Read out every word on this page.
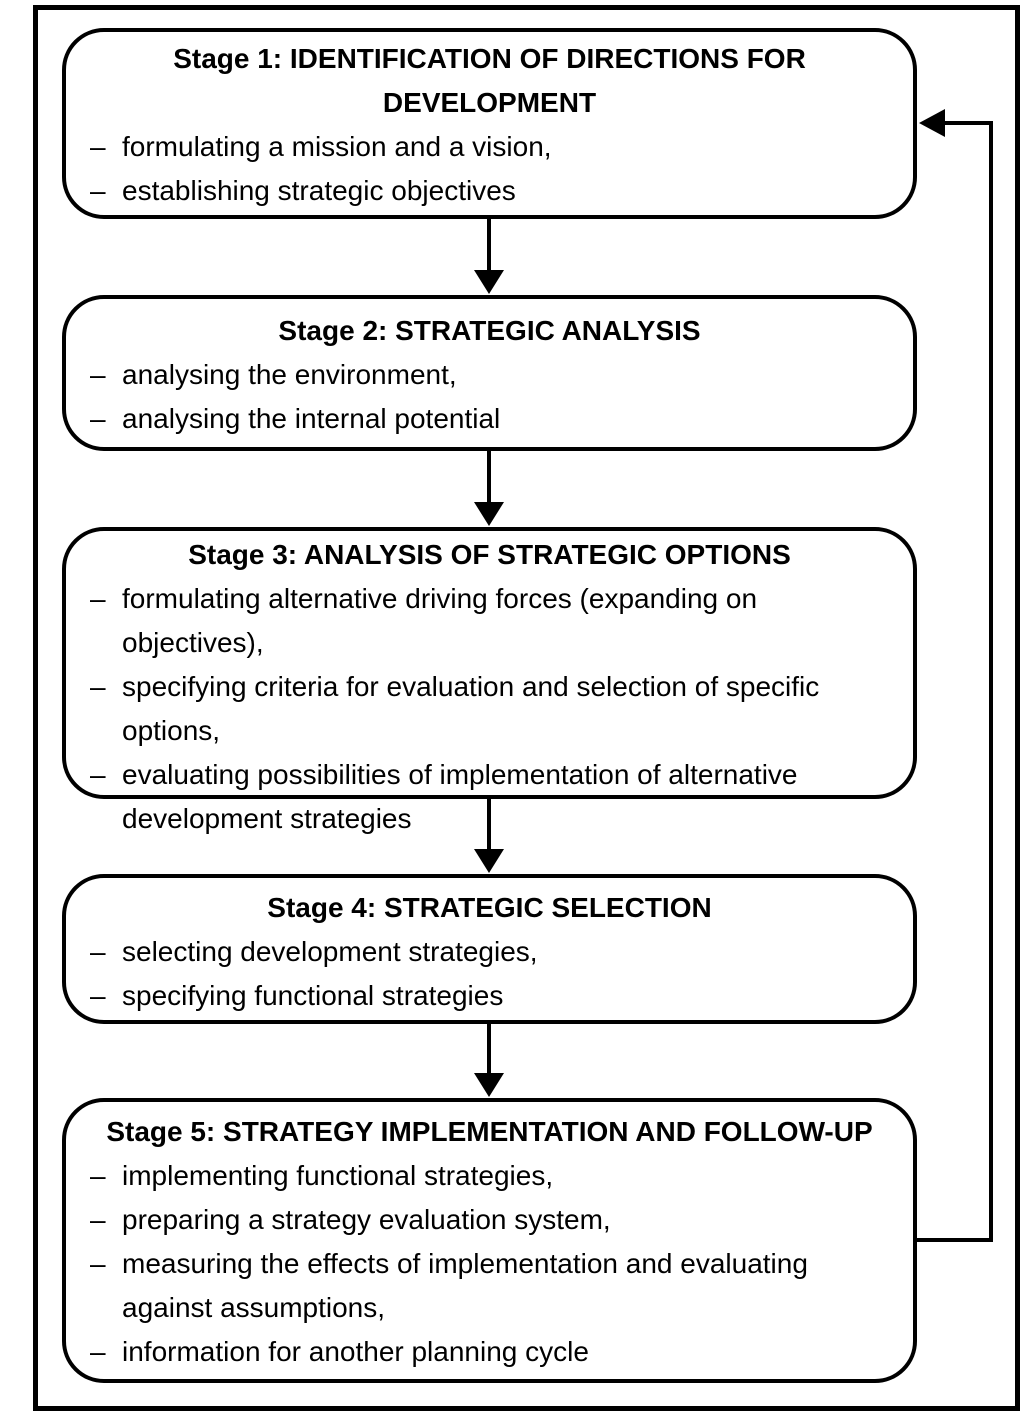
Stage 1: IDENTIFICATION OF DIRECTIONS FOR DEVELOPMENT
– formulating a mission and a vision,
– establishing strategic objectives
Stage 2: STRATEGIC ANALYSIS
– analysing the environment,
– analysing the internal potential
Stage 3: ANALYSIS OF STRATEGIC OPTIONS
– formulating alternative driving forces (expanding on objectives),
– specifying criteria for evaluation and selection of specific options,
– evaluating possibilities of implementation of alternative development strategies
Stage 4: STRATEGIC SELECTION
– selecting development strategies,
– specifying functional strategies
Stage 5: STRATEGY IMPLEMENTATION AND FOLLOW-UP
– implementing functional strategies,
– preparing a strategy evaluation system,
– measuring the effects of implementation and evaluating against assumptions,
– information for another planning cycle
